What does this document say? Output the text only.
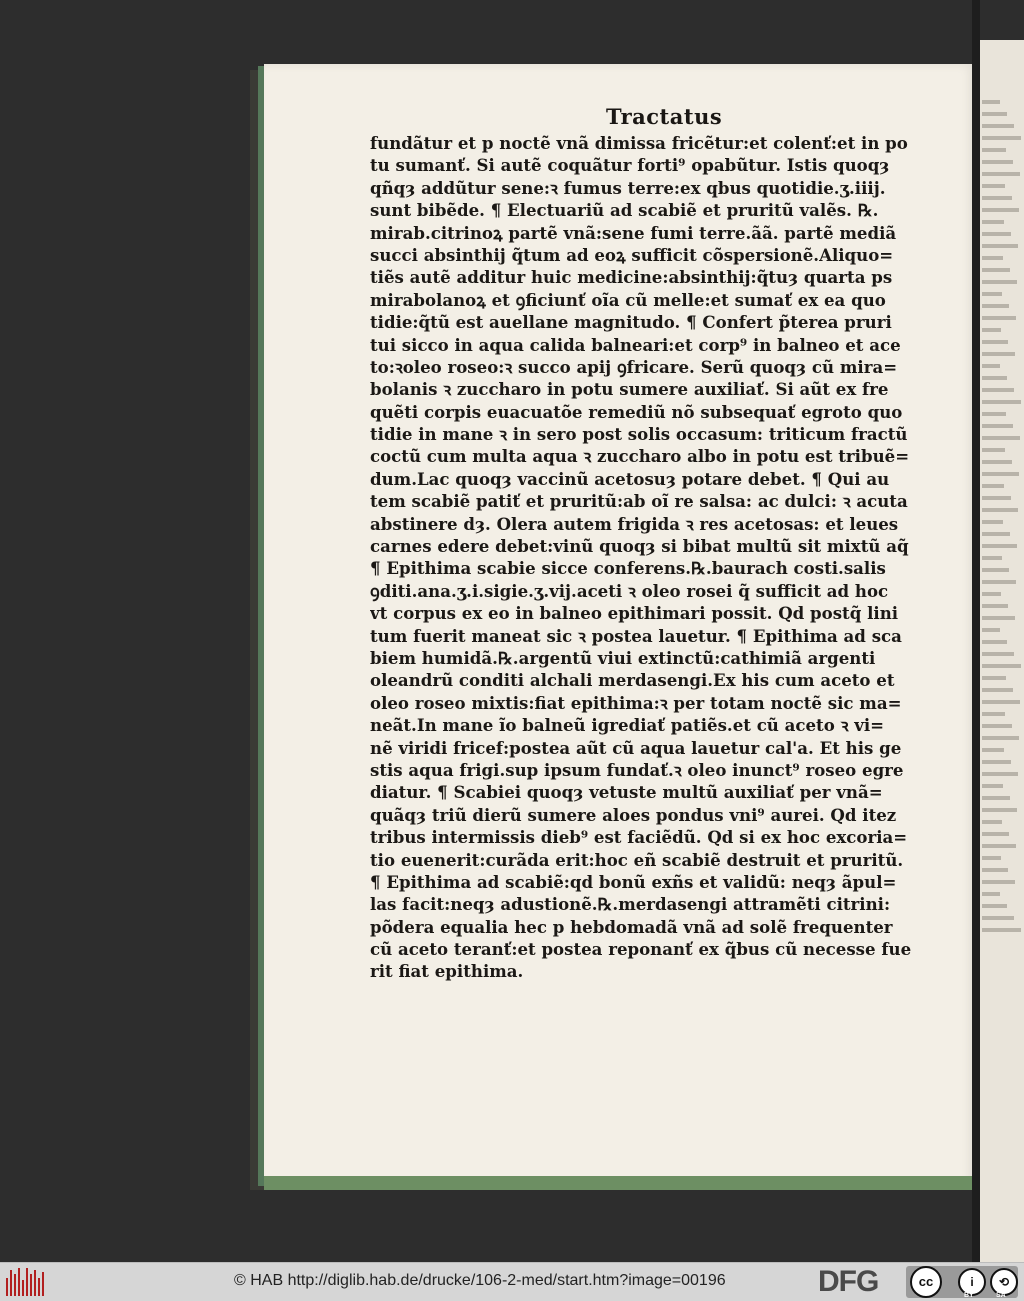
Tractatus
fundãtur et p noctẽ vnã dimissa fricẽtur:et colenť:et in po
tu sumanť. Si autẽ coquãtur forti⁹ opabũtur. Istis quoqȝ
qñqȝ addũtur sene:ꝛ fumus terre:ex qbus quotidie.ʒ.iiij.
sunt bibẽde. ¶ Electuariũ ad scabiẽ et pruritũ valẽs. ℞.
mirab.citrinoꝝ partẽ vnã:sene fumi terre.ãã. partẽ mediã
succi absinthij q̃tum ad eoꝝ sufficit cõspersionẽ.Aliquo=
tiẽs autẽ additur huic medicine:absinthij:q̃tuȝ quarta ps
mirabolanoꝝ et ꝯficiunť oĩa cũ melle:et sumať ex ea quo
tidie:q̃tũ est auellane magnitudo. ¶ Confert p̃terea pruri
tui sicco in aqua calida balneari:et corp⁹ in balneo et ace
to:ꝛoleo roseo:ꝛ succo apij ꝯfricare. Serũ quoqȝ cũ mira=
bolanis ꝛ zuccharo in potu sumere auxiliať. Si aũt ex fre
quẽti corpis euacuatõe remediũ nõ subsequať egroto quo
tidie in mane ꝛ in sero post solis occasum: triticum fractũ
coctũ cum multa aqua ꝛ zuccharo albo in potu est tribuẽ=
dum.Lac quoqȝ vaccinũ acetosuȝ potare debet. ¶ Qui au
tem scabiẽ patiť et pruritũ:ab oĩ re salsa: ac dulci: ꝛ acuta
abstinere dȝ. Olera autem frigida ꝛ res acetosas: et leues
carnes edere debet:vinũ quoqȝ si bibat multũ sit mixtũ aq̃
¶ Epithima scabie sicce conferens.℞.baurach costi.salis
ꝯditi.ana.ʒ.i.sigie.ʒ.vij.aceti ꝛ oleo rosei q̃ sufficit ad hoc
vt corpus ex eo in balneo epithimari possit. Qd postq̃ lini
tum fuerit maneat sic ꝛ postea lauetur. ¶ Epithima ad sca
biem humidã.℞.argentũ viui extinctũ:cathimiã argenti
oleandrũ conditi alchali merdasengi.Ex his cum aceto et
oleo roseo mixtis:fiat epithima:ꝛ per totam noctẽ sic ma=
neãt.In mane ĩo balneũ igrediať patiẽs.et cũ aceto ꝛ vi=
nẽ viridi fricef:postea aũt cũ aqua lauetur cal'a. Et his ge
stis aqua frigi.sup ipsum fundať.ꝛ oleo inunct⁹ roseo egre
diatur. ¶ Scabiei quoqȝ vetuste multũ auxiliať per vnã=
quãqȝ triũ dierũ sumere aloes pondus vni⁹ aurei. Qd itez
tribus intermissis dieb⁹ est faciẽdũ. Qd si ex hoc excoria=
tio euenerit:curãda erit:hoc eñ scabiẽ destruit et pruritũ.
¶ Epithima ad scabiẽ:qd bonũ exñs et validũ: neqȝ ãpul=
las facit:neqȝ adustionẽ.℞.merdasengi attramẽti citrini:
põdera equalia hec p hebdomadã vnã ad solẽ frequenter
cũ aceto teranť:et postea reponanť ex q̃bus cũ necesse fue
rit fiat epithima.
© HAB http://diglib.hab.de/drucke/106-2-med/start.htm?image=00196	DFG	cc	i	⟲
BY	SA
